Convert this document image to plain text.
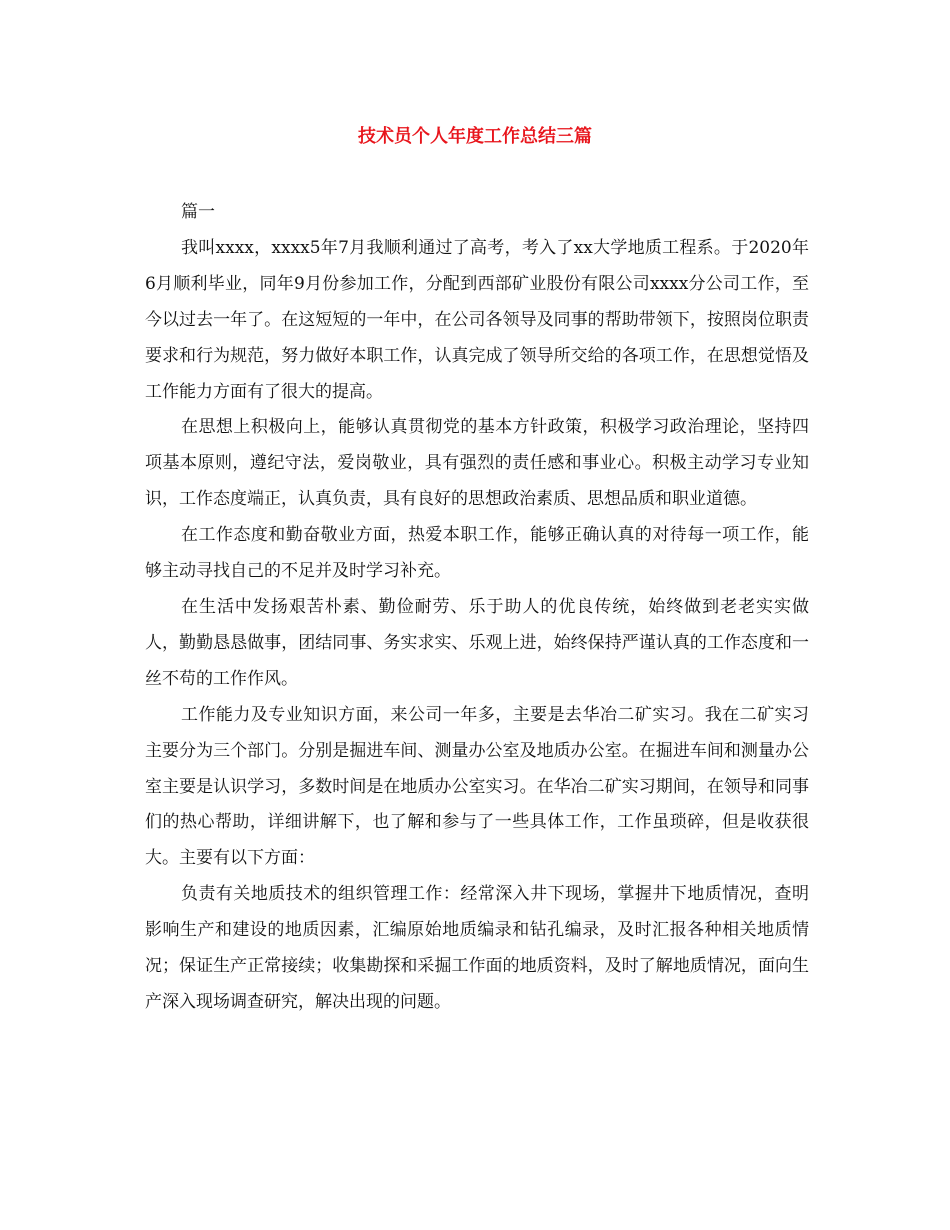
技术员个人年度工作总结三篇

篇一

我叫xxxx，xxxx5年7月我顺利通过了高考，考入了xx大学地质工程系。于2020年6月顺利毕业，同年9月份参加工作，分配到西部矿业股份有限公司xxxx分公司工作，至今以过去一年了。在这短短的一年中，在公司各领导及同事的帮助带领下，按照岗位职责要求和行为规范，努力做好本职工作，认真完成了领导所交给的各项工作，在思想觉悟及工作能力方面有了很大的提高。

在思想上积极向上，能够认真贯彻党的基本方针政策，积极学习政治理论，坚持四项基本原则，遵纪守法，爱岗敬业，具有强烈的责任感和事业心。积极主动学习专业知识，工作态度端正，认真负责，具有良好的思想政治素质、思想品质和职业道德。

在工作态度和勤奋敬业方面，热爱本职工作，能够正确认真的对待每一项工作，能够主动寻找自己的不足并及时学习补充。

在生活中发扬艰苦朴素、勤俭耐劳、乐于助人的优良传统，始终做到老老实实做人，勤勤恳恳做事，团结同事、务实求实、乐观上进，始终保持严谨认真的工作态度和一丝不苟的工作作风。

工作能力及专业知识方面，来公司一年多，主要是去华冶二矿实习。我在二矿实习主要分为三个部门。分别是掘进车间、测量办公室及地质办公室。在掘进车间和测量办公室主要是认识学习，多数时间是在地质办公室实习。在华冶二矿实习期间，在领导和同事们的热心帮助，详细讲解下，也了解和参与了一些具体工作，工作虽琐碎，但是收获很大。主要有以下方面：

负责有关地质技术的组织管理工作：经常深入井下现场，掌握井下地质情况，查明影响生产和建设的地质因素，汇编原始地质编录和钻孔编录，及时汇报各种相关地质情况；保证生产正常接续；收集勘探和采掘工作面的地质资料，及时了解地质情况，面向生产深入现场调查研究，解决出现的问题。
